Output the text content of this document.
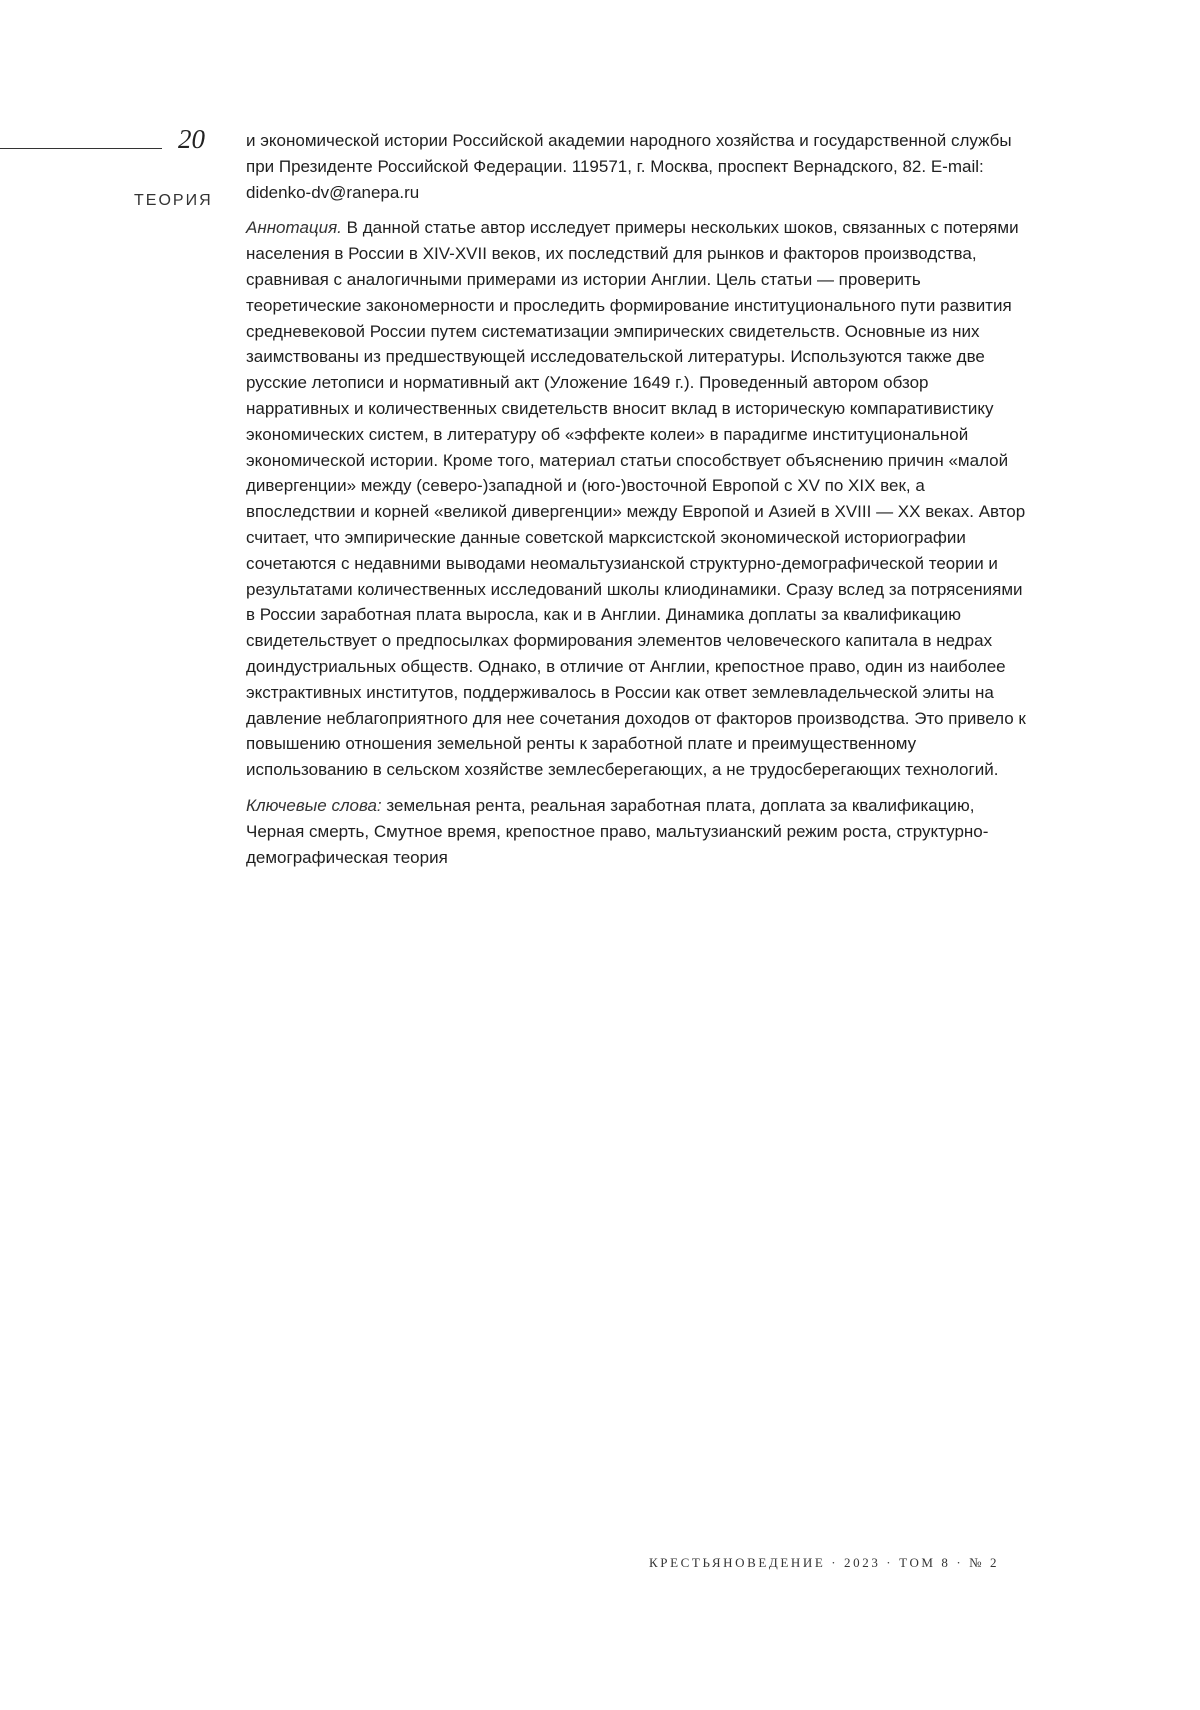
20
ТЕОРИЯ

и экономической истории Российской академии народного хозяйства и государственной службы при Президенте Российской Федерации. 119571, г. Москва, проспект Вернадского, 82. E-mail: didenko-dv@ranepa.ru

Аннотация. В данной статье автор исследует примеры нескольких шоков, связанных с потерями населения в России в XIV-XVII веков, их последствий для рынков и факторов производства, сравнивая с аналогичными примерами из истории Англии. Цель статьи — проверить теоретические закономерности и проследить формирование институционального пути развития средневековой России путем систематизации эмпирических свидетельств. Основные из них заимствованы из предшествующей исследовательской литературы. Используются также две русские летописи и нормативный акт (Уложение 1649 г.). Проведенный автором обзор нарративных и количественных свидетельств вносит вклад в историческую компаративистику экономических систем, в литературу об «эффекте колеи» в парадигме институциональной экономической истории. Кроме того, материал статьи способствует объяснению причин «малой дивергенции» между (северо-)западной и (юго-)восточной Европой с XV по XIX век, а впоследствии и корней «великой дивергенции» между Европой и Азией в XVIII — XX веках. Автор считает, что эмпирические данные советской марксистской экономической историографии сочетаются с недавними выводами неомальтузианской структурно-демографической теории и результатами количественных исследований школы клиодинамики. Сразу вслед за потрясениями в России заработная плата выросла, как и в Англии. Динамика доплаты за квалификацию свидетельствует о предпосылках формирования элементов человеческого капитала в недрах доиндустриальных обществ. Однако, в отличие от Англии, крепостное право, один из наиболее экстрактивных институтов, поддерживалось в России как ответ землевладельческой элиты на давление неблагоприятного для нее сочетания доходов от факторов производства. Это привело к повышению отношения земельной ренты к заработной плате и преимущественному использованию в сельском хозяйстве землесберегающих, а не трудосберегающих технологий.

Ключевые слова: земельная рента, реальная заработная плата, доплата за квалификацию, Черная смерть, Смутное время, крепостное право, мальтузианский режим роста, структурно-демографическая теория

КРЕСТЬЯНОВЕДЕНИЕ · 2023 · ТОМ 8 · № 2
